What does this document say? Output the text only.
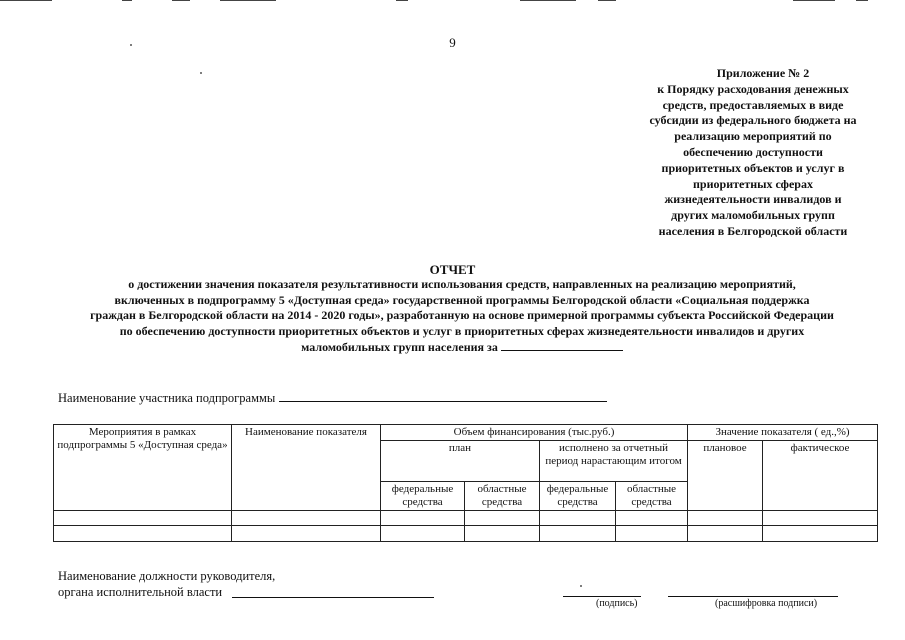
9
Приложение № 2
к Порядку расходования денежных
средств, предоставляемых в виде
субсидии из федерального бюджета на
реализацию мероприятий по
обеспечению доступности
приоритетных объектов и услуг в
приоритетных сферах
жизнедеятельности инвалидов и
других маломобильных групп
населения в Белгородской области
ОТЧЕТ
о достижении значения показателя результативности использования средств, направленных на реализацию мероприятий,
включенных в подпрограмму 5 «Доступная среда» государственной программы Белгородской области «Социальная поддержка
граждан в Белгородской области на 2014 - 2020 годы», разработанную на основе примерной программы субъекта Российской Федерации
по обеспечению доступности приоритетных объектов и услуг в приоритетных сферах жизнедеятельности инвалидов и других
маломобильных групп населения за
Наименование участника подпрограммы
Мероприятия в рамках подпрограммы 5 «Доступная среда»	Наименование показателя	Объем финансирования (тыс.руб.)				Значение показателя ( ед.,%)	
		план		исполнено за отчетный период нарастающим итогом		плановое	фактическое
		федеральные средства	областные средства	федеральные средства	областные средства		

Наименование должности руководителя,
органа исполнительной власти
(подпись)	(расшифровка подписи)
